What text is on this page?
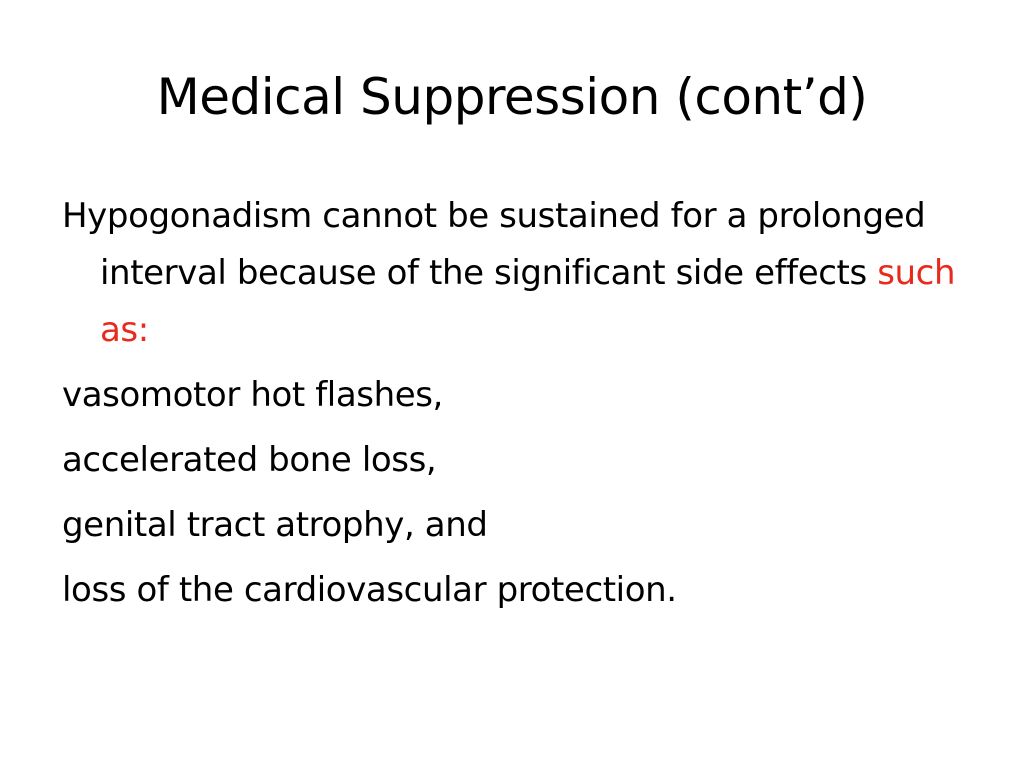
Medical Suppression (cont’d)

Hypogonadism cannot be sustained for a prolonged interval because of the significant side effects such as:

vasomotor hot flashes,

accelerated bone loss,

genital tract atrophy, and

loss of the cardiovascular protection.
